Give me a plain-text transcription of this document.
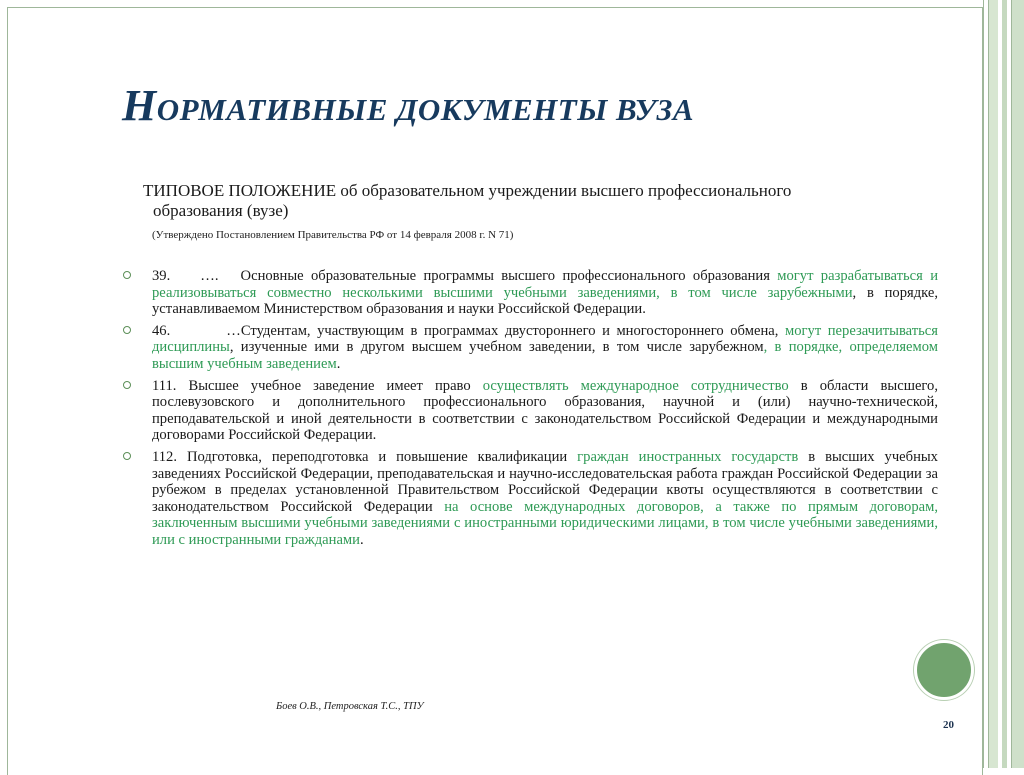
НОРМАТИВНЫЕ ДОКУМЕНТЫ ВУЗА
ТИПОВОЕ ПОЛОЖЕНИЕ об образовательном учреждении высшего профессионального
образования (вузе)
(Утверждено Постановлением Правительства РФ от 14 февраля 2008 г. N 71)
39. …. Основные образовательные программы высшего профессионального образования могут разрабатываться и реализовываться совместно несколькими высшими учебными заведениями, в том числе зарубежными, в порядке, устанавливаемом Министерством образования и науки Российской Федерации.
46.	…Студентам, участвующим в программах двустороннего и многостороннего обмена, могут перезачитываться дисциплины, изученные ими в другом высшем учебном заведении, в том числе зарубежном, в порядке, определяемом высшим учебным заведением.
111. Высшее учебное заведение имеет право осуществлять международное сотрудничество в области высшего, послевузовского и дополнительного профессионального образования, научной и (или) научно-технической, преподавательской и иной деятельности в соответствии с законодательством Российской Федерации и международными договорами Российской Федерации.
112. Подготовка, переподготовка и повышение квалификации граждан иностранных государств в высших учебных заведениях Российской Федерации, преподавательская и научно-исследовательская работа граждан Российской Федерации за рубежом в пределах установленной Правительством Российской Федерации квоты осуществляются в соответствии с законодательством Российской Федерации на основе международных договоров, а также по прямым договорам, заключенным высшими учебными заведениями с иностранными юридическими лицами, в том числе учебными заведениями, или с иностранными гражданами.
Боев О.В., Петровская Т.С., ТПУ
20
